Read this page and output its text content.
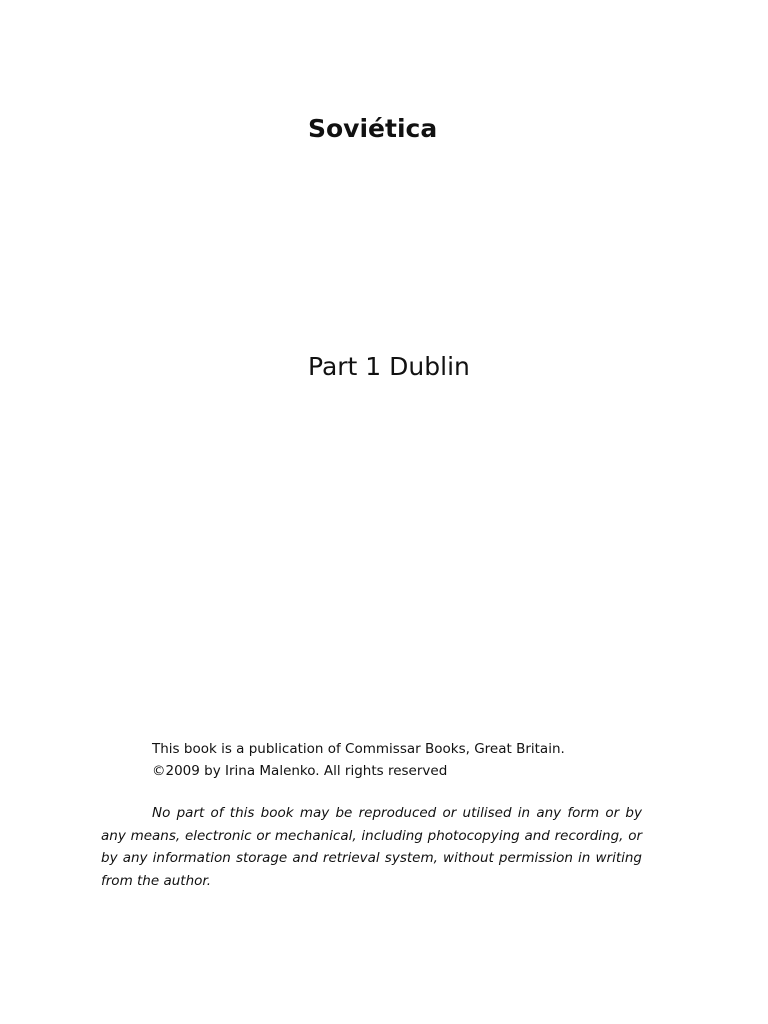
Soviética
Part 1 Dublin
This book is a publication of Commissar Books, Great Britain.
©2009 by Irina Malenko. All rights reserved

No part of this book may be reproduced or utilised in any form or by any means, electronic or mechanical, including photocopying and recording, or by any information storage and retrieval system, without permission in writing from the author.
